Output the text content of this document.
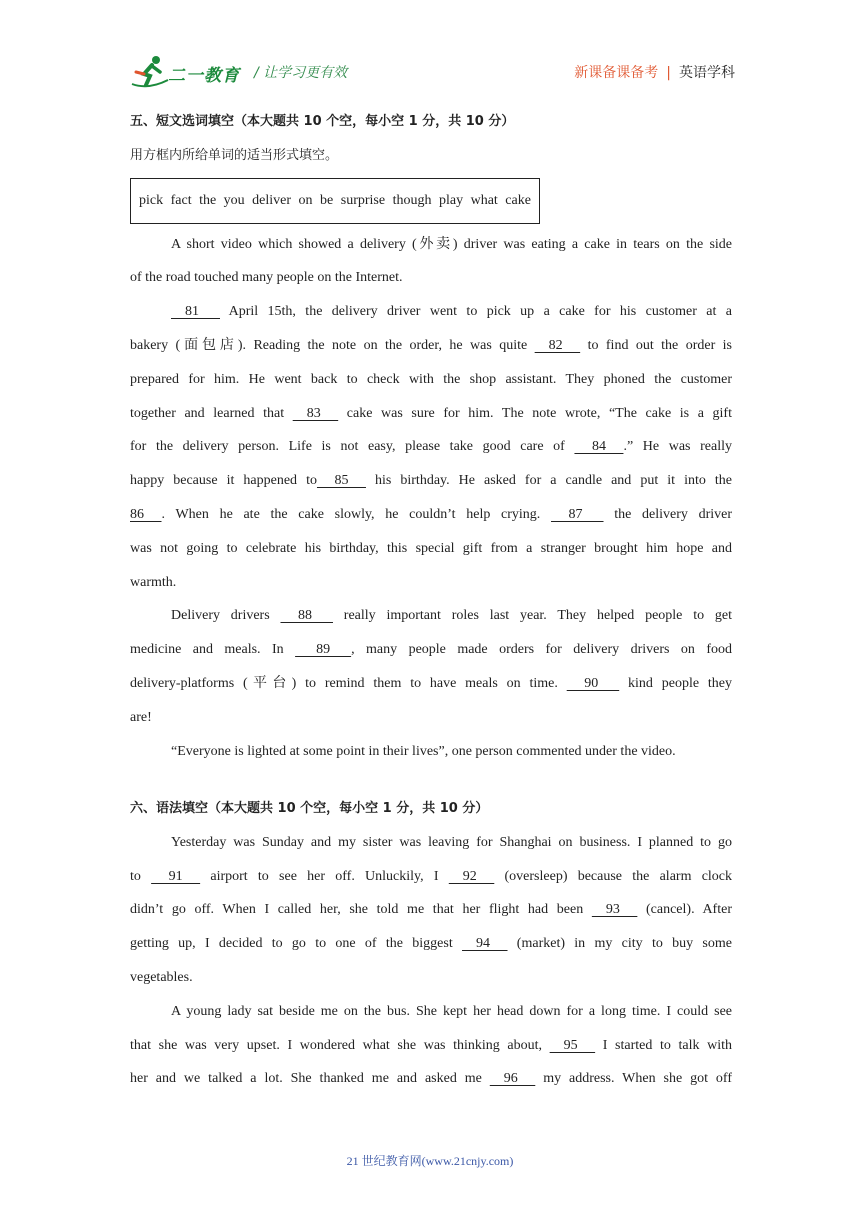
二一教育 / 让学习更有效	新课备课备考 | 英语学科
五、短文选词填空（本大题共 10 个空，每小空 1 分，共 10 分）
用方框内所给单词的适当形式填空。
pick fact the you deliver on be surprise though play what cake
A short video which showed a delivery (外卖) driver was eating a cake in tears on the side
of the road touched many people on the Internet.
81       April 15th, the delivery driver went to pick up a cake for his customer at a
bakery (面包店). Reading the note on the order, he was quite     82      to find out the order is
prepared for him. He went back to check with the shop assistant. They phoned the customer
together and learned that     83      cake was sure for him. The note wrote, “The cake is a gift
for the delivery person. Life is not easy, please take good care of      84     .” He was really
happy because it happened to     85      his birthday. He asked for a candle and put it into the
86     . When he ate the cake slowly, he couldn’t help crying.      87       the delivery driver
was not going to celebrate his birthday, this special gift from a stranger brought him hope and
warmth.
Delivery drivers      88       really important roles last year. They helped people to get
medicine and meals. In       89      , many people made orders for delivery drivers on food
delivery-platforms (平台) to remind them to have meals on time.      90       kind people they
are!
“Everyone is lighted at some point in their lives”, one person commented under the video.
六、语法填空（本大题共 10 个空，每小空 1 分，共 10 分）
Yesterday was Sunday and my sister was leaving for Shanghai on business. I planned to go
to      91      airport to see her off. Unluckily, I     92      (oversleep) because the alarm clock
didn’t go off. When I called her, she told me that her flight had been     93      (cancel). After
getting up, I decided to go to one of the biggest     94      (market) in my city to buy some
vegetables.
A young lady sat beside me on the bus. She kept her head down for a long time. I could see
that she was very upset. I wondered what she was thinking about,     95      I started to talk with
her and we talked a lot. She thanked me and asked me     96      my address. When she got off
21 世纪教育网(www.21cnjy.com)
